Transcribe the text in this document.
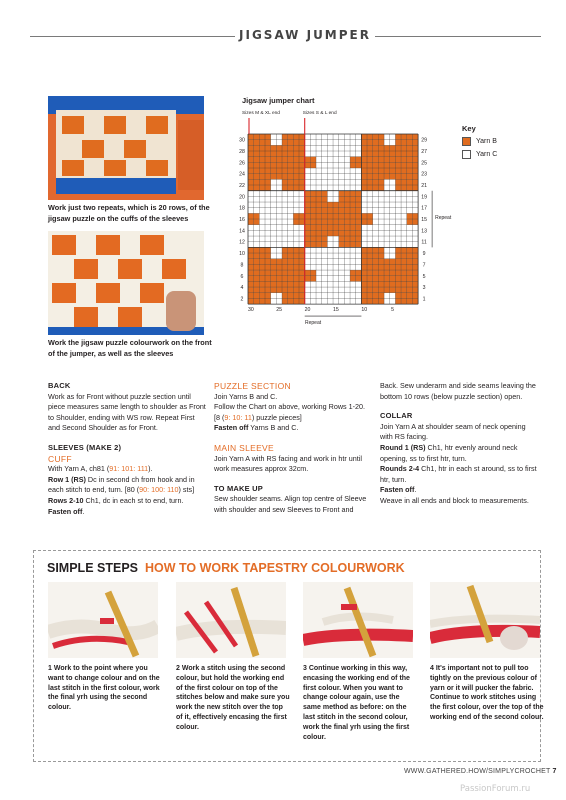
JIGSAW JUMPER
Work just two repeats, which is 20 rows, of the jigsaw puzzle on the cuffs of the sleeves
Work the jigsaw puzzle colourwork on the front of the jumper, as well as the sleeves
Jigsaw jumper chart
Sizes M & XL end	Sizes S & L end
30
28
26
24
22
20
18
16
14
12
10
8
6
4
2
29
27
25
23
21
19
17
15
13
11
9
7
5
3
1
30	25	20	15	10	5
Repeat
Repeat
Key
Yarn B
Yarn C

BACK

Work as for Front without puzzle section until piece measures same length to shoulder as Front to Shoulder, ending with WS row. Repeat First and Second Shoulder as for Front.

SLEEVES (MAKE 2)

CUFF

With Yarn A, ch81 (91: 101: 111).

Row 1 (RS) Dc in second ch from hook and in each stitch to end, turn. [80 (90: 100: 110) sts]

Rows 2-10 Ch1, dc in each st to end, turn.

Fasten off.

PUZZLE SECTION

Join Yarns B and C.

Follow the Chart on above, working Rows 1-20.

[8 (9: 10: 11) puzzle pieces]

Fasten off Yarns B and C.

MAIN SLEEVE

Join Yarn A with RS facing and work in htr until work measures approx 32cm.

TO MAKE UP

Sew shoulder seams. Align top centre of Sleeve with shoulder and sew Sleeves to Front and

Back. Sew underarm and side seams leaving the bottom 10 rows (below puzzle section) open.

COLLAR

Join Yarn A at shoulder seam of neck opening with RS facing.

Round 1 (RS) Ch1, htr evenly around neck opening, ss to first htr, turn.

Rounds 2-4 Ch1, htr in each st around, ss to first htr, turn.

Fasten off.

Weave in all ends and block to measurements.

SIMPLE STEPS HOW TO WORK TAPESTRY COLOURWORK
1 Work to the point where you want to change colour and on the last stitch in the first colour, work the final yrh using the second colour.
2 Work a stitch using the second colour, but hold the working end of the first colour on top of the stitches below and make sure you work the new stitch over the top of it, effectively encasing the first colour.
3 Continue working in this way, encasing the working end of the first colour. When you want to change colour again, use the same method as before: on the last stitch in the second colour, work the final yrh using the first colour.
4 It's important not to pull too tightly on the previous colour of yarn or it will pucker the fabric. Continue to work stitches using the first colour, over the top of the working end of the second colour.
WWW.GATHERED.HOW/SIMPLYCROCHET 7
PassionForum.ru
